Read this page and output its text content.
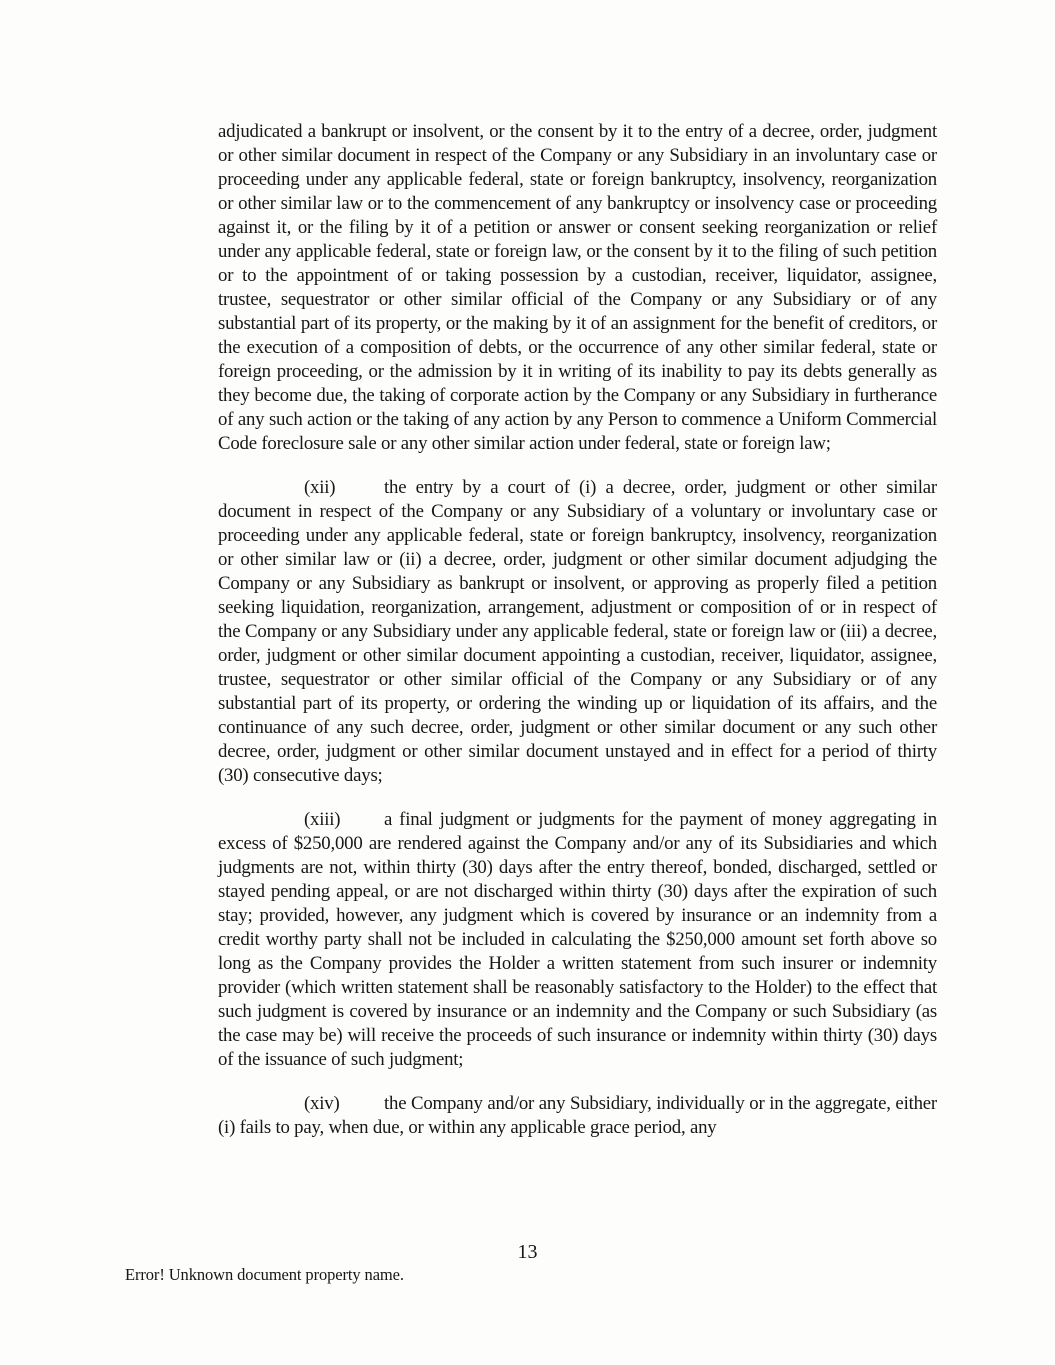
adjudicated a bankrupt or insolvent, or the consent by it to the entry of a decree, order, judgment or other similar document in respect of the Company or any Subsidiary in an involuntary case or proceeding under any applicable federal, state or foreign bankruptcy, insolvency, reorganization or other similar law or to the commencement of any bankruptcy or insolvency case or proceeding against it, or the filing by it of a petition or answer or consent seeking reorganization or relief under any applicable federal, state or foreign law, or the consent by it to the filing of such petition or to the appointment of or taking possession by a custodian, receiver, liquidator, assignee, trustee, sequestrator or other similar official of the Company or any Subsidiary or of any substantial part of its property, or the making by it of an assignment for the benefit of creditors, or the execution of a composition of debts, or the occurrence of any other similar federal, state or foreign proceeding, or the admission by it in writing of its inability to pay its debts generally as they become due, the taking of corporate action by the Company or any Subsidiary in furtherance of any such action or the taking of any action by any Person to commence a Uniform Commercial Code foreclosure sale or any other similar action under federal, state or foreign law;

(xii)	the entry by a court of (i) a decree, order, judgment or other similar document in respect of the Company or any Subsidiary of a voluntary or involuntary case or proceeding under any applicable federal, state or foreign bankruptcy, insolvency, reorganization or other similar law or (ii) a decree, order, judgment or other similar document adjudging the Company or any Subsidiary as bankrupt or insolvent, or approving as properly filed a petition seeking liquidation, reorganization, arrangement, adjustment or composition of or in respect of the Company or any Subsidiary under any applicable federal, state or foreign law or (iii) a decree, order, judgment or other similar document appointing a custodian, receiver, liquidator, assignee, trustee, sequestrator or other similar official of the Company or any Subsidiary or of any substantial part of its property, or ordering the winding up or liquidation of its affairs, and the continuance of any such decree, order, judgment or other similar document or any such other decree, order, judgment or other similar document unstayed and in effect for a period of thirty (30) consecutive days;

(xiii) a final judgment or judgments for the payment of money aggregating in excess of $250,000 are rendered against the Company and/or any of its Subsidiaries and which judgments are not, within thirty (30) days after the entry thereof, bonded, discharged, settled or stayed pending appeal, or are not discharged within thirty (30) days after the expiration of such stay; provided, however, any judgment which is covered by insurance or an indemnity from a credit worthy party shall not be included in calculating the $250,000 amount set forth above so long as the Company provides the Holder a written statement from such insurer or indemnity provider (which written statement shall be reasonably satisfactory to the Holder) to the effect that such judgment is covered by insurance or an indemnity and the Company or such Subsidiary (as the case may be) will receive the proceeds of such insurance or indemnity within thirty (30) days of the issuance of such judgment;

(xiv) the Company and/or any Subsidiary, individually or in the aggregate, either (i) fails to pay, when due, or within any applicable grace period, any

13
Error! Unknown document property name.
